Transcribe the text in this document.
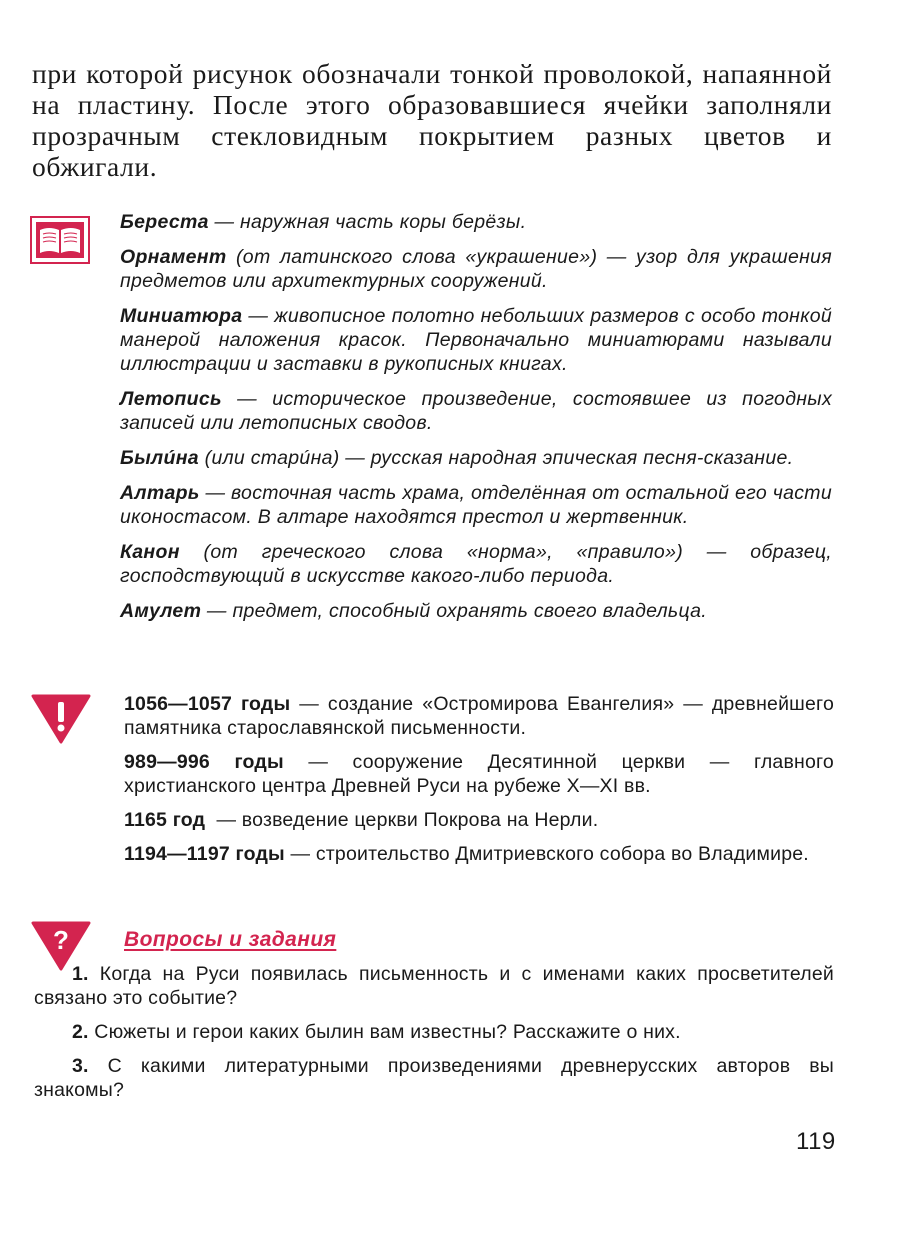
при которой рисунок обозначали тонкой проволокой, напаянной на пластину. После этого образовавшиеся ячейки заполняли прозрачным стекловидным покрытием разных цветов и обжигали.

Береста — наружная часть коры берёзы.

Орнамент (от латинского слова «украшение») — узор для украшения предметов или архитектурных сооружений.

Миниатюра — живописное полотно небольших размеров с особо тонкой манерой наложения красок. Первоначально миниатюрами называли иллюстрации и заставки в рукописных книгах.

Летопись — историческое произведение, состоявшее из погодных записей или летописных сводов.

Былúна (или старúна) — русская народная эпическая песня-сказание.

Алтарь — восточная часть храма, отделённая от остальной его части иконостасом. В алтаре находятся престол и жертвенник.

Канон (от греческого слова «норма», «правило») — образец, господствующий в искусстве какого-либо периода.

Амулет — предмет, способный охранять своего владельца.

1056—1057 годы — создание «Остромирова Евангелия» — древнейшего памятника старославянской письменности.

989—996 годы — сооружение Десятинной церкви — главного христианского центра Древней Руси на рубеже X—XI вв.

1165 год  — возведение церкви Покрова на Нерли.

1194—1197 годы — строительство Дмитриевского собора во Владимире.

?	Вопросы и задания

1. Когда на Руси появилась письменность и с именами каких просветителей связано это событие?

2. Сюжеты и герои каких былин вам известны? Расскажите о них.

3. С какими литературными произведениями древнерусских авторов вы знакомы?

119
